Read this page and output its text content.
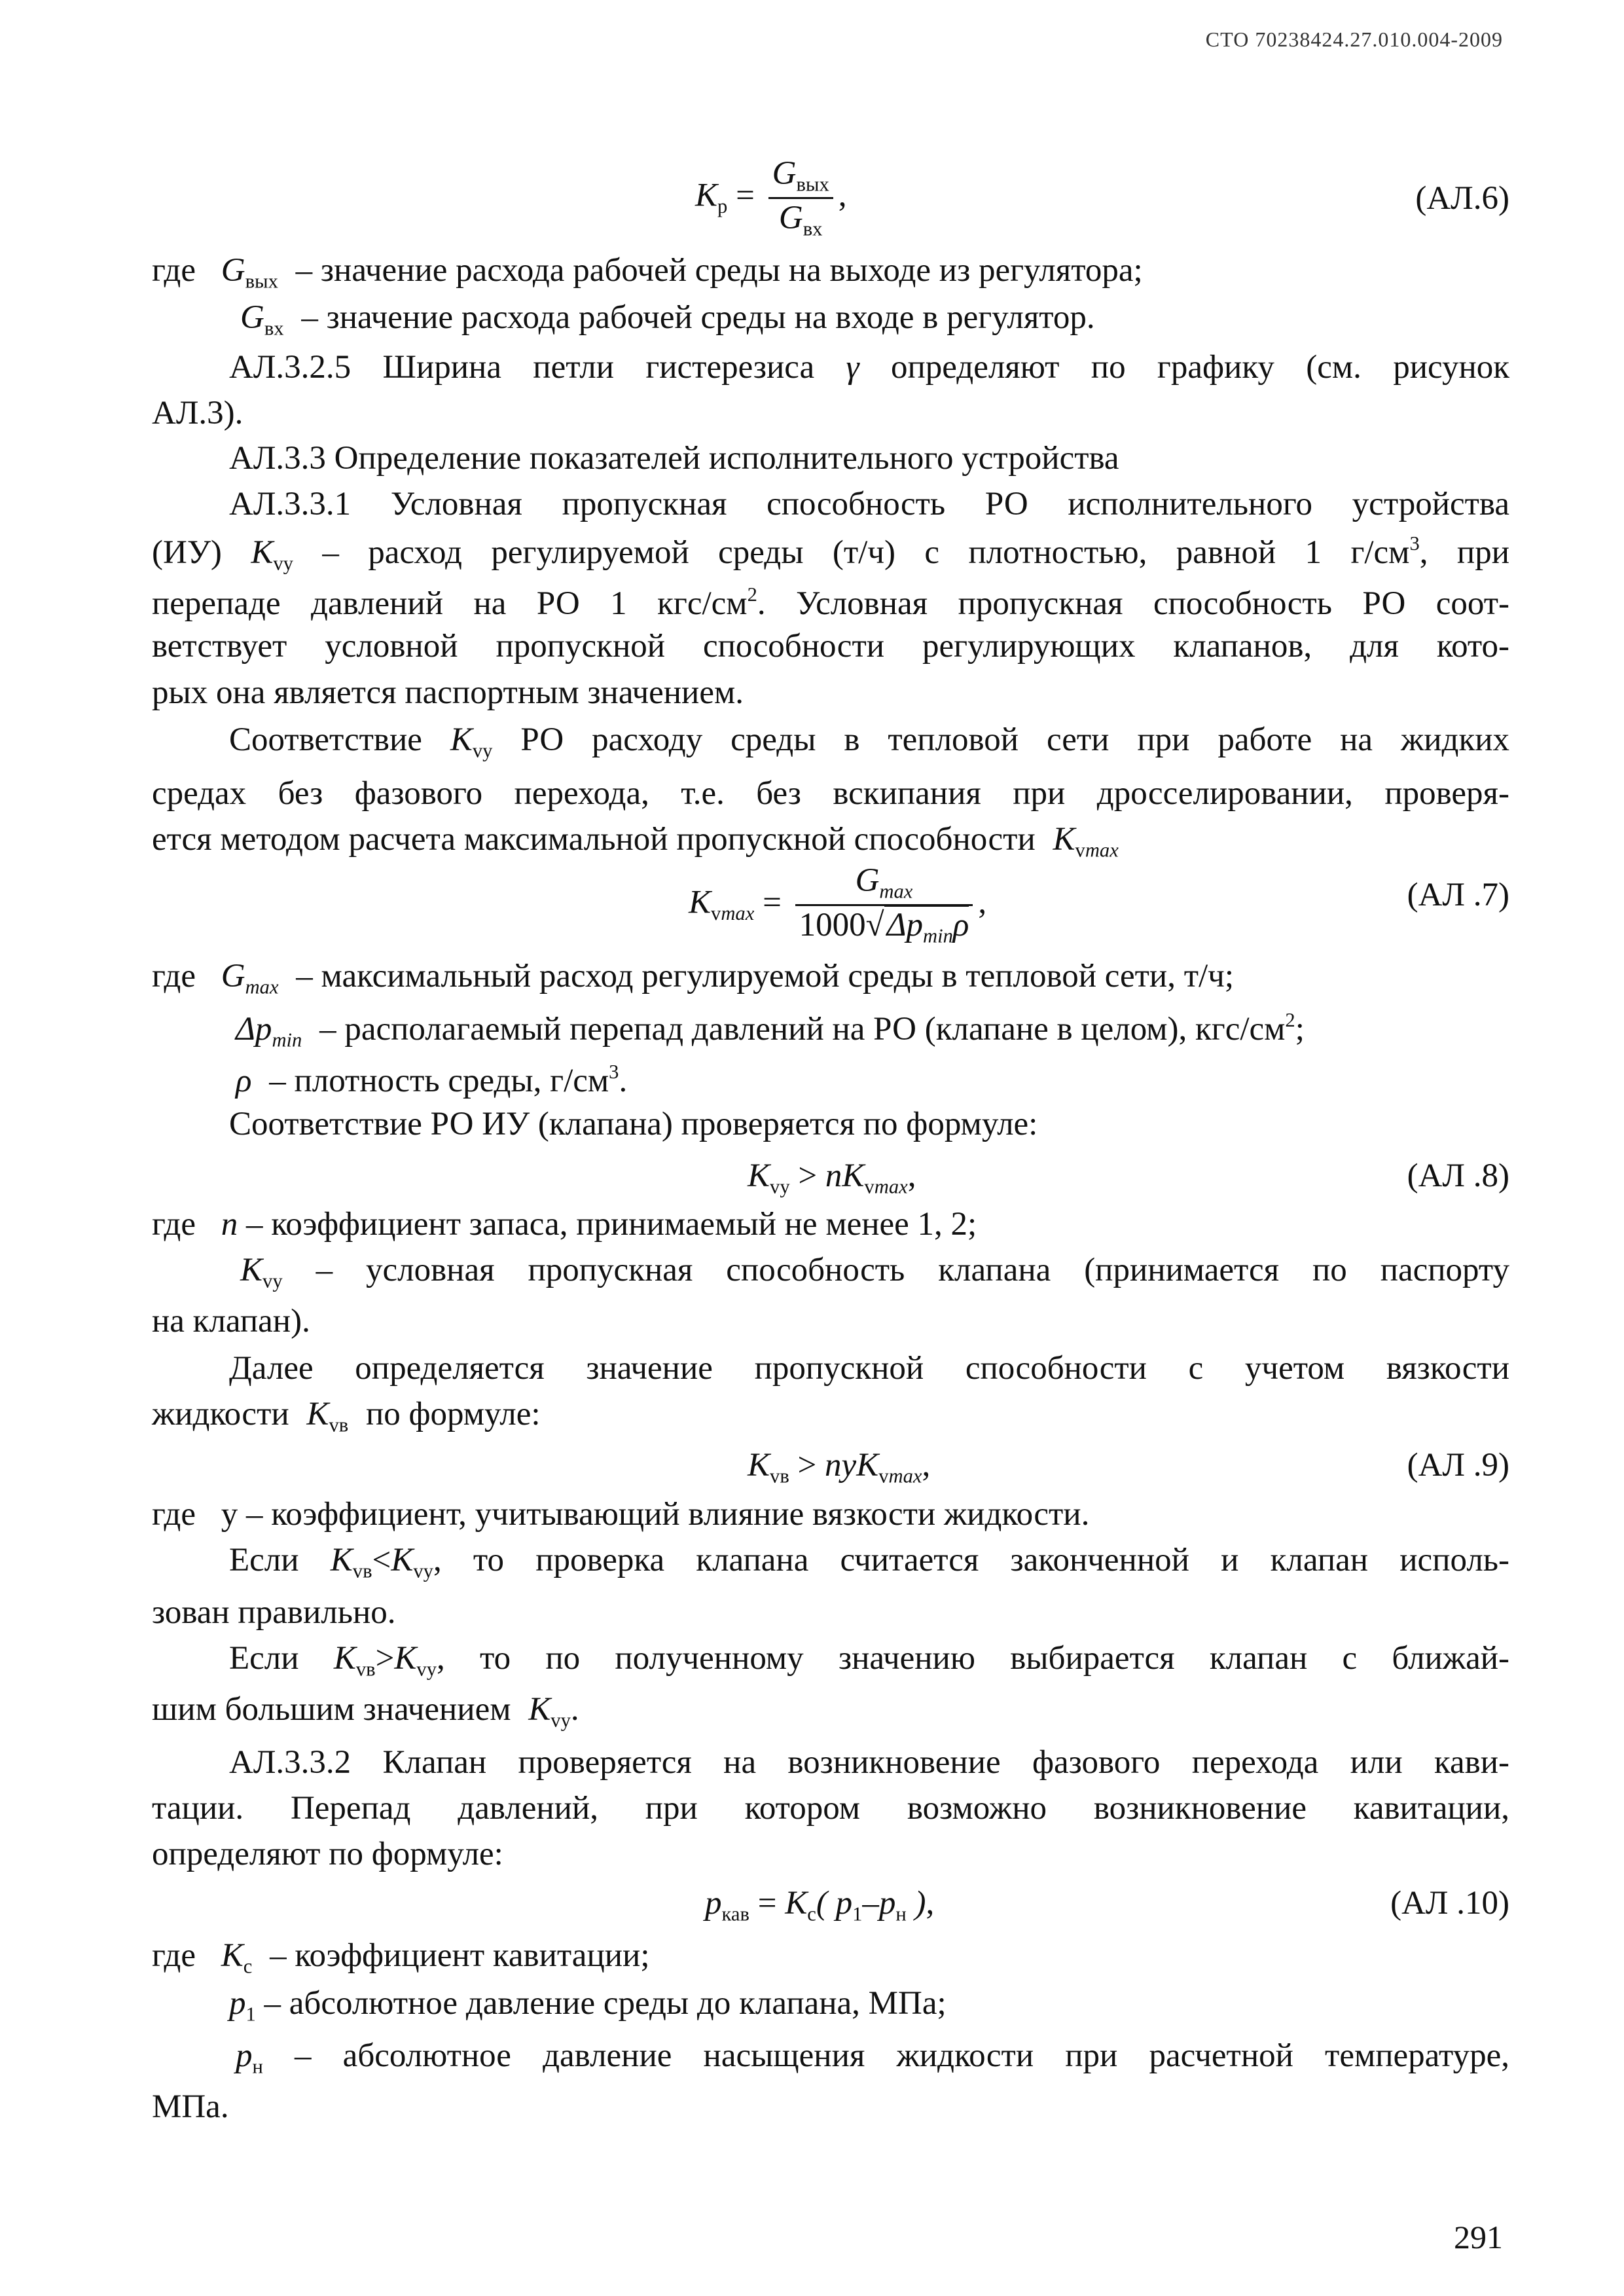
СТО 70238424.27.010.004-2009
$K_р = \frac{G_{вых}}{G_{вх}}$ ,	(АЛ.6)
где $G_{вых}$ – значение расхода рабочей среды на выходе из регулятора;
$G_{вх}$ – значение расхода рабочей среды на входе в регулятор.
АЛ.3.2.5 Ширина петли гистерезиса γ определяют по графику (см. рисунок
АЛ.3).
АЛ.3.3 Определение показателей исполнительного устройства
АЛ.3.3.1 Условная пропускная способность РО исполнительного устройства
(ИУ) $K_{vy}$ – расход регулируемой среды (т/ч) с плотностью, равной 1 $г/см^3$, при
перепаде давлений на РО 1 кгс/$см^2$. Условная пропускная способность РО соот-
ветствует условной пропускной способности регулирующих клапанов, для кото-
рых она является паспортным значением.
Соответствие $K_{vy}$ РО расходу среды в тепловой сети при работе на жидких
средах без фазового перехода, т.е. без вскипания при дросселировании, проверя-
ется методом расчета максимальной пропускной способности $K_{vmax}$
$K_{vmax} = \frac{G_{max}}{1000√\Delta p_{min}\rho}$ ,	(АЛ .7)
где $G_{max}$ – максимальный расход регулируемой среды в тепловой сети, т/ч;
$\Delta p_{min}$ – располагаемый перепад давлений на РО (клапане в целом), кгс/$см^2$;
ρ – плотность среды, $г/см^3$.
Соответствие РО ИУ (клапана) проверяется по формуле:
$K_{vy} > nK_{vmax}$,	(АЛ .8)
где n – коэффициент запаса, принимаемый не менее 1, 2;
$K_{vy}$ – условная пропускная способность клапана (принимается по паспорту
на клапан).
Далее определяется значение пропускной способности с учетом вязкости
жидкости $K_{vв}$ по формуле:
$K_{vв} > nyK_{vmax}$,	(АЛ .9)
где у – коэффициент, учитывающий влияние вязкости жидкости.
Если $K_{vв}<K_{vy}$, то проверка клапана считается законченной и клапан исполь-
зован правильно.
Если $K_{vв}>K_{vy}$, то по полученному значению выбирается клапан с ближай-
шим большим значением $K_{vy}$.
АЛ.3.3.2 Клапан проверяется на возникновение фазового перехода или кави-
тации. Перепад давлений, при котором возможно возникновение кавитации,
определяют по формуле:
$p_{кав} = K_c$( $p_1-p_н$ ),	(АЛ .10)
где $K_c$ – коэффициент кавитации;
$p_1$ – абсолютное давление среды до клапана, МПа;
$p_н$ – абсолютное давление насыщения жидкости при расчетной температуре,
МПа.
291
